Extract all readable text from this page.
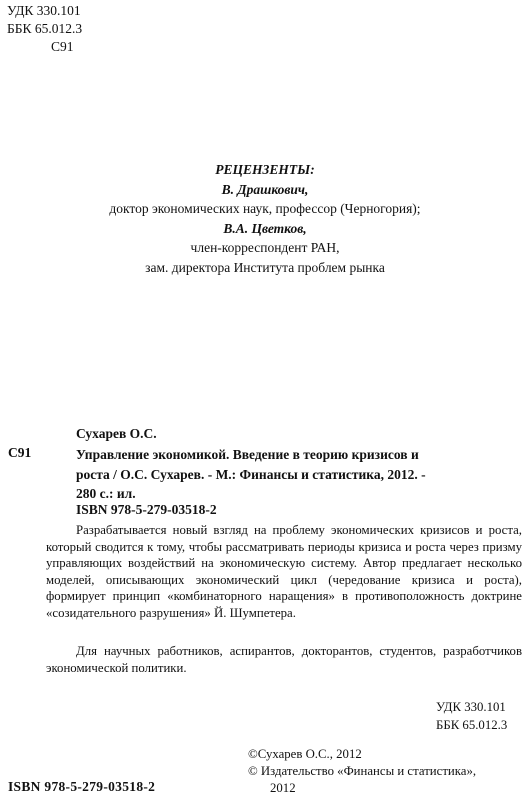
УДК 330.101
ББК 65.012.3
С91
РЕЦЕНЗЕНТЫ:
В. Драшкович,
доктор экономических наук, профессор (Черногория);
В.А. Цветков,
член-корреспондент РАН,
зам. директора Института проблем рынка
Сухарев О.С.
С91	Управление экономикой. Введение в теорию кризисов и
роста / О.С. Сухарев. - М.: Финансы и статистика, 2012. -
280 с.: ил.
ISBN 978-5-279-03518-2
Разрабатывается новый взгляд на проблему экономических кризисов и роста, который сводится к тому, чтобы рассматривать периоды кризиса и роста через призму управляющих воздействий на экономическую систему. Автор предлагает несколько моделей, описывающих экономический цикл (чередование кризиса и роста), формирует принцип «комбинаторного наращения» в противоположность доктрине «созидательного разрушения» Й. Шумпетера.
Для научных работников, аспирантов, докторантов, студентов, разработчиков экономической политики.
УДК 330.101
ББК 65.012.3
©Сухарев О.С., 2012
© Издательство «Финансы и статистика»,
2012
ISBN 978-5-279-03518-2
